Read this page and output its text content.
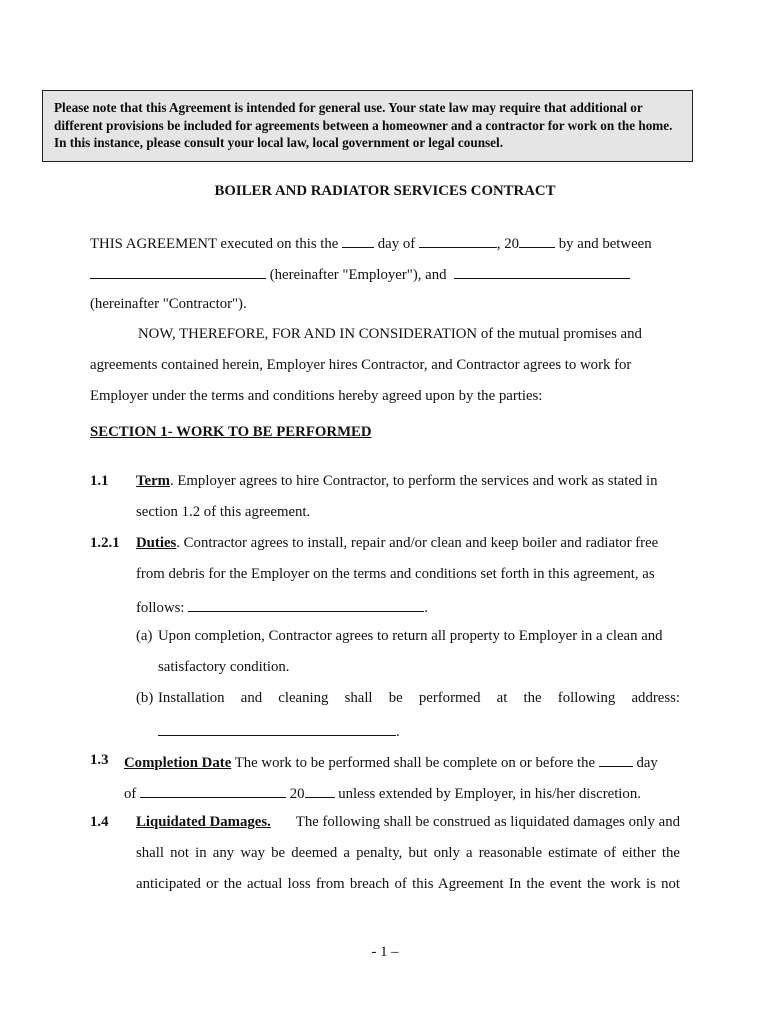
Please note that this Agreement is intended for general use. Your state law may require that additional or different provisions be included for agreements between a homeowner and a contractor for work on the home. In this instance, please consult your local law, local government or legal counsel.
BOILER AND RADIATOR SERVICES CONTRACT
THIS AGREEMENT executed on this the	day of	, 20	by and between
(hereinafter "Employer"), and
(hereinafter "Contractor").
NOW, THEREFORE, FOR AND IN CONSIDERATION of the mutual promises and
agreements contained herein, Employer hires Contractor, and Contractor agrees to work for
Employer under the terms and conditions hereby agreed upon by the parties:
SECTION 1- WORK TO BE PERFORMED
1.1 Term. Employer agrees to hire Contractor, to perform the services and work as stated in
section 1.2 of this agreement.
1.2.1 Duties. Contractor agrees to install, repair and/or clean and keep boiler and radiator free
from debris for the Employer on the terms and conditions set forth in this agreement, as
follows:	.
(a) Upon completion, Contractor agrees to return all property to Employer in a clean and
satisfactory condition.
(b) Installation and cleaning shall be performed at the following address:
.
1.3 Completion Date The work to be performed shall be complete on or before the	day
of	20 unless extended by Employer, in his/her discretion.
1.4 Liquidated Damages. The following shall be construed as liquidated damages only and
shall not in any way be deemed a penalty, but only a reasonable estimate of either the
anticipated or the actual loss from breach of this Agreement In the event the work is not
- 1 –
